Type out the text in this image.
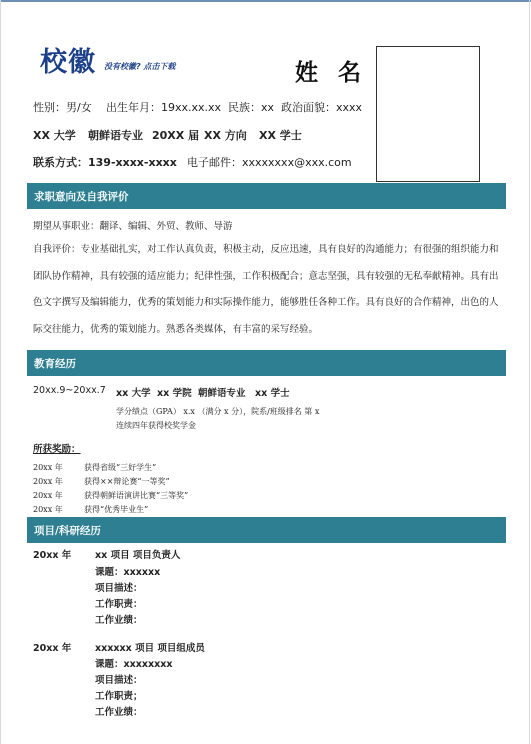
校徽 没有校徽? 点击下载	姓 名
性别：男/女 出生年月：19xx.xx.xx 民族：xx 政治面貌：xxxx
XX 大学 朝鲜语专业 20XX 届 XX 方向 XX 学士
联系方式：139-xxxx-xxxx 电子邮件：xxxxxxxx@xxx.com
求职意向及自我评价
期望从事职业：翻译、编辑、外贸、教师、导游
自我评价：专业基础扎实，对工作认真负责，积极主动，反应迅速，具有良好的沟通能力；有很强的组织能力和团队协作精神，具有较强的适应能力；纪律性强，工作积极配合；意志坚强，具有较强的无私奉献精神。具有出色文字撰写及编辑能力，优秀的策划能力和实际操作能力，能够胜任各种工作。具有良好的合作精神，出色的人际交往能力，优秀的策划能力。熟悉各类媒体，有丰富的采写经验。
教育经历
20xx.9~20xx.7 xx 大学 xx 学院 朝鲜语专业 xx 学士
学分绩点（GPA） x.x （满分 x 分），院系/班级排名 第 x
连续四年获得校奖学金
所获奖励：
20xx 年	获得省级“三好学生”
20xx 年	获得××辩论赛“一等奖”
20xx 年	获得朝鲜语演讲比赛“三等奖”
20xx 年	获得“优秀毕业生”
项目/科研经历
20xx 年 xx 项目 项目负责人
课题：xxxxxx
项目描述：
工作职责：
工作业绩：
20xx 年 xxxxxx 项目 项目组成员
课题：xxxxxxxx
项目描述：
工作职责；
工作业绩：
